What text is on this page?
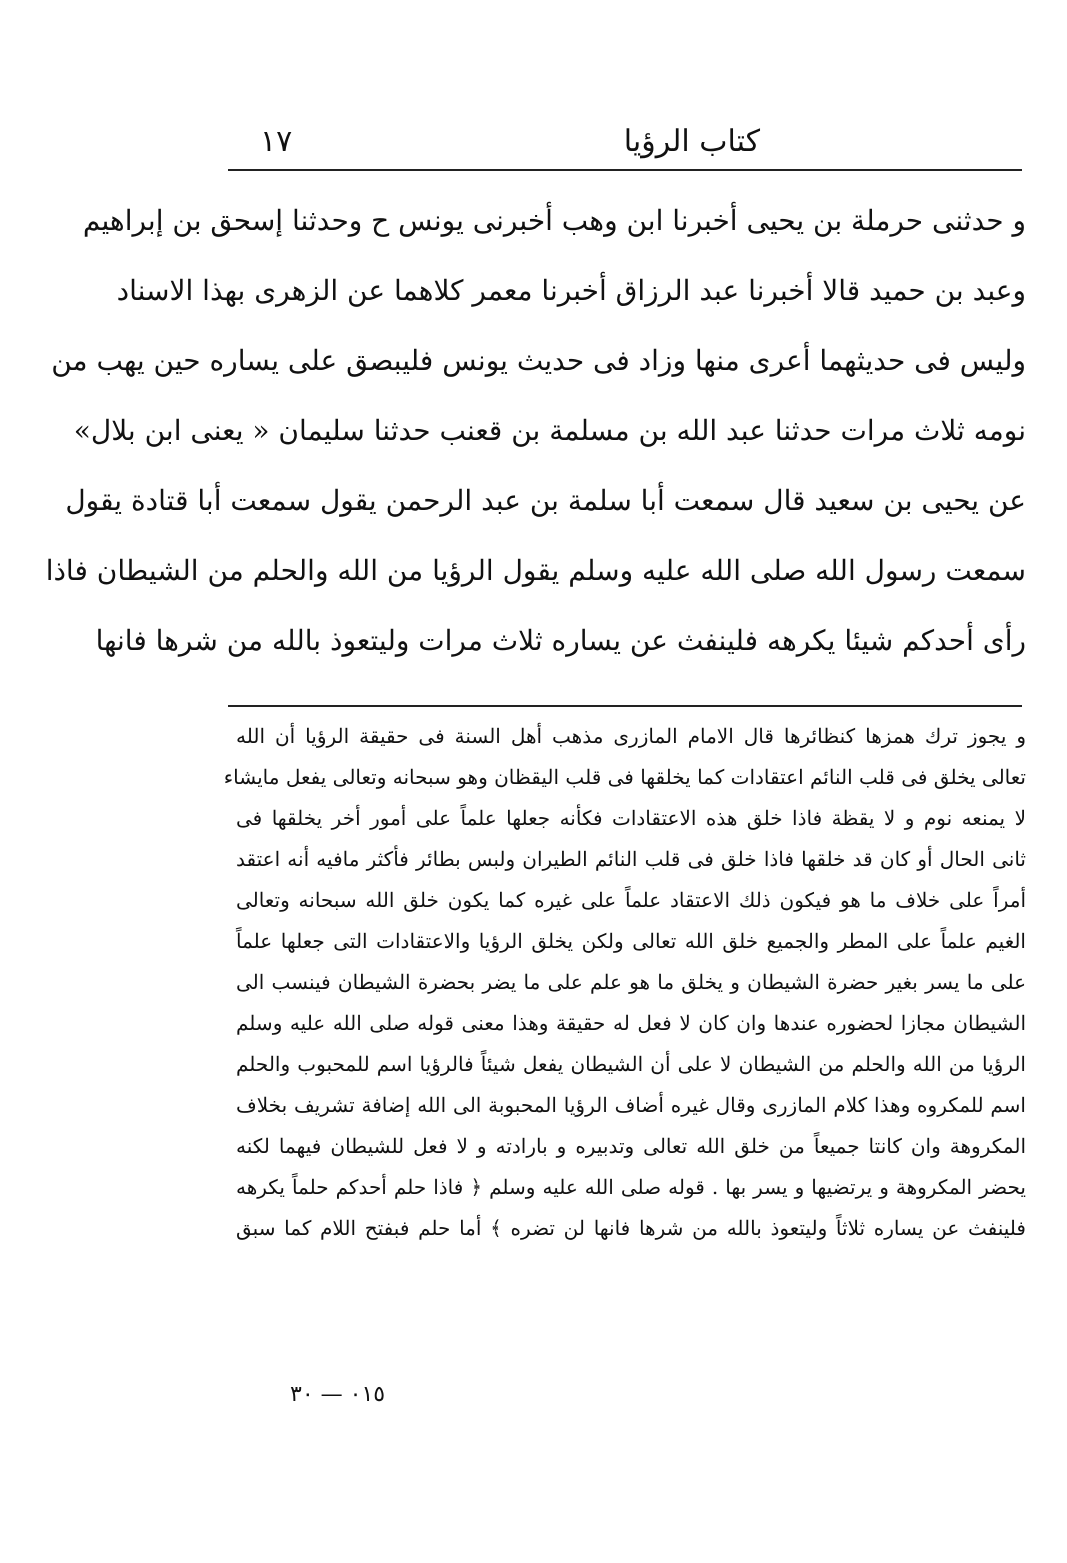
كتاب الرؤيا
١٧
و حدثنى حرملة بن يحيى أخبرنا ابن وهب أخبرنى يونس ح وحدثنا إسحق بن إبراهيم
وعبد بن حميد قالا أخبرنا عبد الرزاق أخبرنا معمر كلاهما عن الزهرى بهذا الاسناد
وليس فى حديثهما أعرى منها وزاد فى حديث يونس فليبصق على يساره حين يهب من
نومه ثلاث مرات حدثنا عبد الله بن مسلمة بن قعنب حدثنا سليمان « يعنى ابن بلال»
عن يحيى بن سعيد قال سمعت أبا سلمة بن عبد الرحمن يقول سمعت أبا قتادة يقول
سمعت رسول الله صلى الله عليه وسلم يقول الرؤيا من الله والحلم من الشيطان فاذا
رأى أحدكم شيئا يكرهه فلينفث عن يساره ثلاث مرات وليتعوذ بالله من شرها فانها
و يجوز ترك همزها كنظائرها قال الامام المازرى مذهب أهل السنة فى حقيقة الرؤيا أن الله
تعالى يخلق فى قلب النائم اعتقادات كما يخلقها فى قلب اليقظان وهو سبحانه وتعالى يفعل مايشاء
لا يمنعه نوم و لا يقظة فاذا خلق هذه الاعتقادات فكأنه جعلها علماً على أمور أخر يخلقها فى
ثانى الحال أو كان قد خلقها فاذا خلق فى قلب النائم الطيران ولبس بطائر فأكثر مافيه أنه اعتقد
أمراً على خلاف ما هو فيكون ذلك الاعتقاد علماً على غيره كما يكون خلق الله سبحانه وتعالى
الغيم علماً على المطر والجميع خلق الله تعالى ولكن يخلق الرؤيا والاعتقادات التى جعلها علماً
على ما يسر بغير حضرة الشيطان و يخلق ما هو علم على ما يضر بحضرة الشيطان فينسب الى
الشيطان مجازا لحضوره عندها وان كان لا فعل له حقيقة وهذا معنى قوله صلى الله عليه وسلم
الرؤيا من الله والحلم من الشيطان لا على أن الشيطان يفعل شيئاً فالرؤيا اسم للمحبوب والحلم
اسم للمكروه وهذا كلام المازرى وقال غيره أضاف الرؤيا المحبوبة الى الله إضافة تشريف بخلاف
المكروهة وان كانتا جميعاً من خلق الله تعالى وتدبيره و بارادته و لا فعل للشيطان فيهما لكنه
يحضر المكروهة و يرتضيها و يسر بها . قوله صلى الله عليه وسلم ﴿ فاذا حلم أحدكم حلماً يكرهه
فلينفث عن يساره ثلاثاً وليتعوذ بالله من شرها فانها لن تضره ﴾ أما حلم فبفتح اللام كما سبق
٠١٥ — ٣٠
